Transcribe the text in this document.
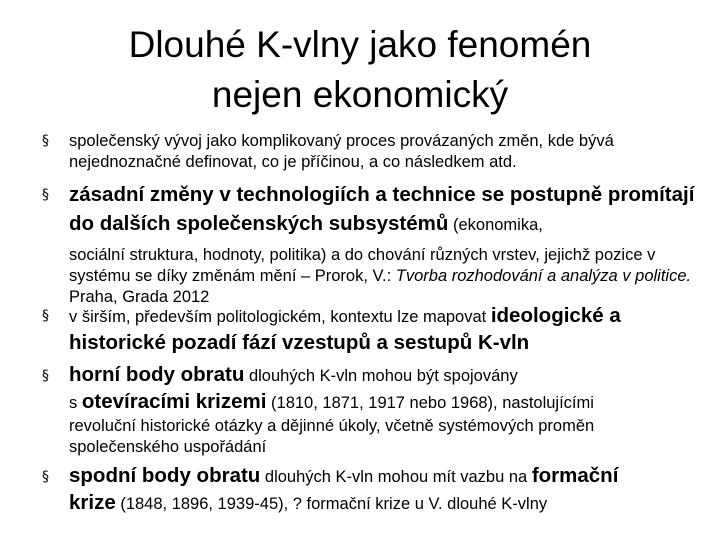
Dlouhé K-vlny jako fenomén
nejen ekonomický
§	společenský vývoj jako komplikovaný proces provázaných změn, kde bývá nejednoznačné definovat, co je příčinou, a co následkem atd.
§ zásadní změny v technologiích a technice se postupně promítají do dalších společenských subsystémů (ekonomika,
sociální struktura, hodnoty, politika) a do chování různých vrstev, jejichž pozice v systému se díky změnám mění – Prorok, V.: Tvorba rozhodování a analýza v politice. Praha, Grada 2012
§	v širším, především politologickém, kontextu lze mapovat ideologické a
historické pozadí fází vzestupů a sestupů K-vln
§ horní body obratu dlouhých K-vln mohou být spojovány
s otevíracími krizemi (1810, 1871, 1917 nebo 1968), nastolujícími
revoluční historické otázky a dějinné úkoly, včetně systémových proměn společenského uspořádání
§ spodní body obratu dlouhých K-vln mohou mít vazbu na formační
krize (1848, 1896, 1939-45), ? formační krize u V. dlouhé K-vlny
